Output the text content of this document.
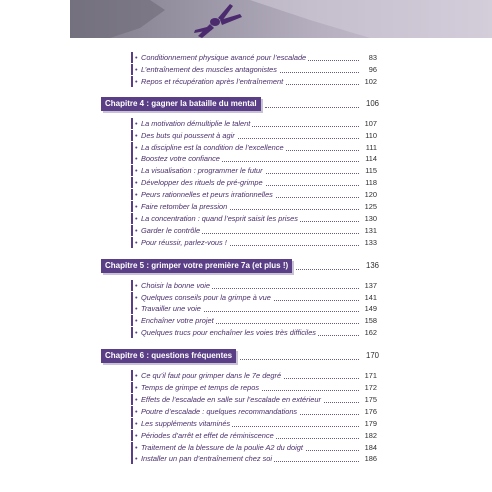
• Conditionnement physique avancé pour l’escalade	83
• L’entraînement des muscles antagonistes	96
• Repos et récupération après l’entraînement	102
Chapitre 4 : gagner la bataille du mental	106
• La motivation démultiplie le talent	107
• Des buts qui poussent à agir	110
• La discipline est la condition de l’excellence	111
• Boostez votre confiance	114
• La visualisation : programmer le futur	115
• Développer des rituels de pré-grimpe	118
• Peurs rationnelles et peurs irrationnelles	120
• Faire retomber la pression	125
• La concentration : quand l’esprit saisit les prises	130
• Garder le contrôle	131
• Pour réussir, parlez-vous !	133
Chapitre 5 : grimper votre première 7a (et plus !)	136
• Choisir la bonne voie	137
• Quelques conseils pour la grimpe à vue	141
• Travailler une voie	149
• Enchaîner votre projet	158
• Quelques trucs pour enchaîner les voies très difficiles	162
Chapitre 6 : questions fréquentes	170
• Ce qu’il faut pour grimper dans le 7e degré	171
• Temps de grimpe et temps de repos	172
• Effets de l’escalade en salle sur l’escalade en extérieur	175
• Poutre d’escalade : quelques recommandations	176
• Les suppléments vitaminés	179
• Périodes d’arrêt et effet de réminiscence	182
• Traitement de la blessure de la poulie A2 du doigt	184
• Installer un pan d’entraînement chez soi	186
